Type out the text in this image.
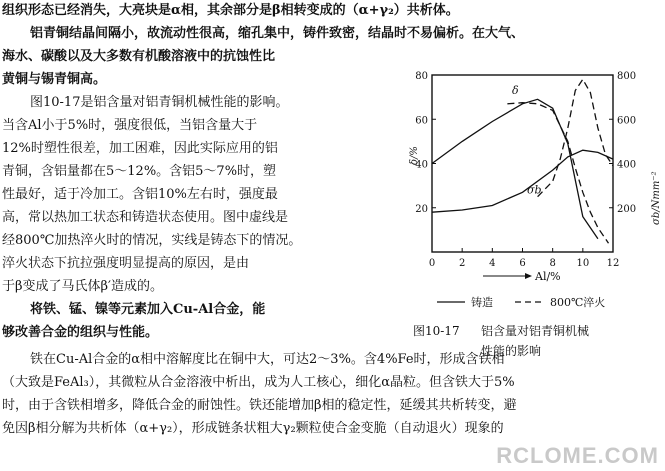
组织形态已经消失，大亮块是α相，其余部分是β相转变成的（α+γ₂）共析体。
铝青铜结晶间隔小，故流动性很高，缩孔集中，铸件致密，结晶时不易偏析。在大气、
海水、碳酸以及大多数有机酸溶液中的抗蚀性比
黄铜与锡青铜高。
图10-17是铝含量对铝青铜机械性能的影响。
当含Al小于5%时，强度很低，当铝含量大于
12%时塑性很差，加工困难，因此实际应用的铝
青铜，含铝量都在5～12%。含铝5～7%时，塑
性最好，适于冷加工。含铝10%左右时，强度最
高，常以热加工状态和铸造状态使用。图中虚线是
经800℃加热淬火时的情况，实线是铸态下的情况。
淬火状态下抗拉强度明显提高的原因，是由
于β变成了马氏体β′造成的。
将铁、锰、镍等元素加入Cu-Al合金，能
够改善合金的组织与性能。
铁在Cu-Al合金的α相中溶解度比在铜中大，可达2～3%。含4%Fe时，形成含铁相
（大致是FeAl₃），其微粒从合金溶液中析出，成为人工核心，细化α晶粒。但含铁大于5%
时，由于含铁相增多，降低合金的耐蚀性。铁还能增加β相的稳定性，延缓其共析转变，避
免因β相分解为共析体（α+γ₂），形成链条状粗大γ₂颗粒使合金变脆（自动退火）现象的
0 2 4 6 8 10 12
20
40
60
80
200
400
600
800
δ/%
σb/Nmm⁻²
Al/%
δ
σb
铸造	800℃淬火
图10-17 铝含量对铝青铜机械
性能的影响
RCLOME.COM
